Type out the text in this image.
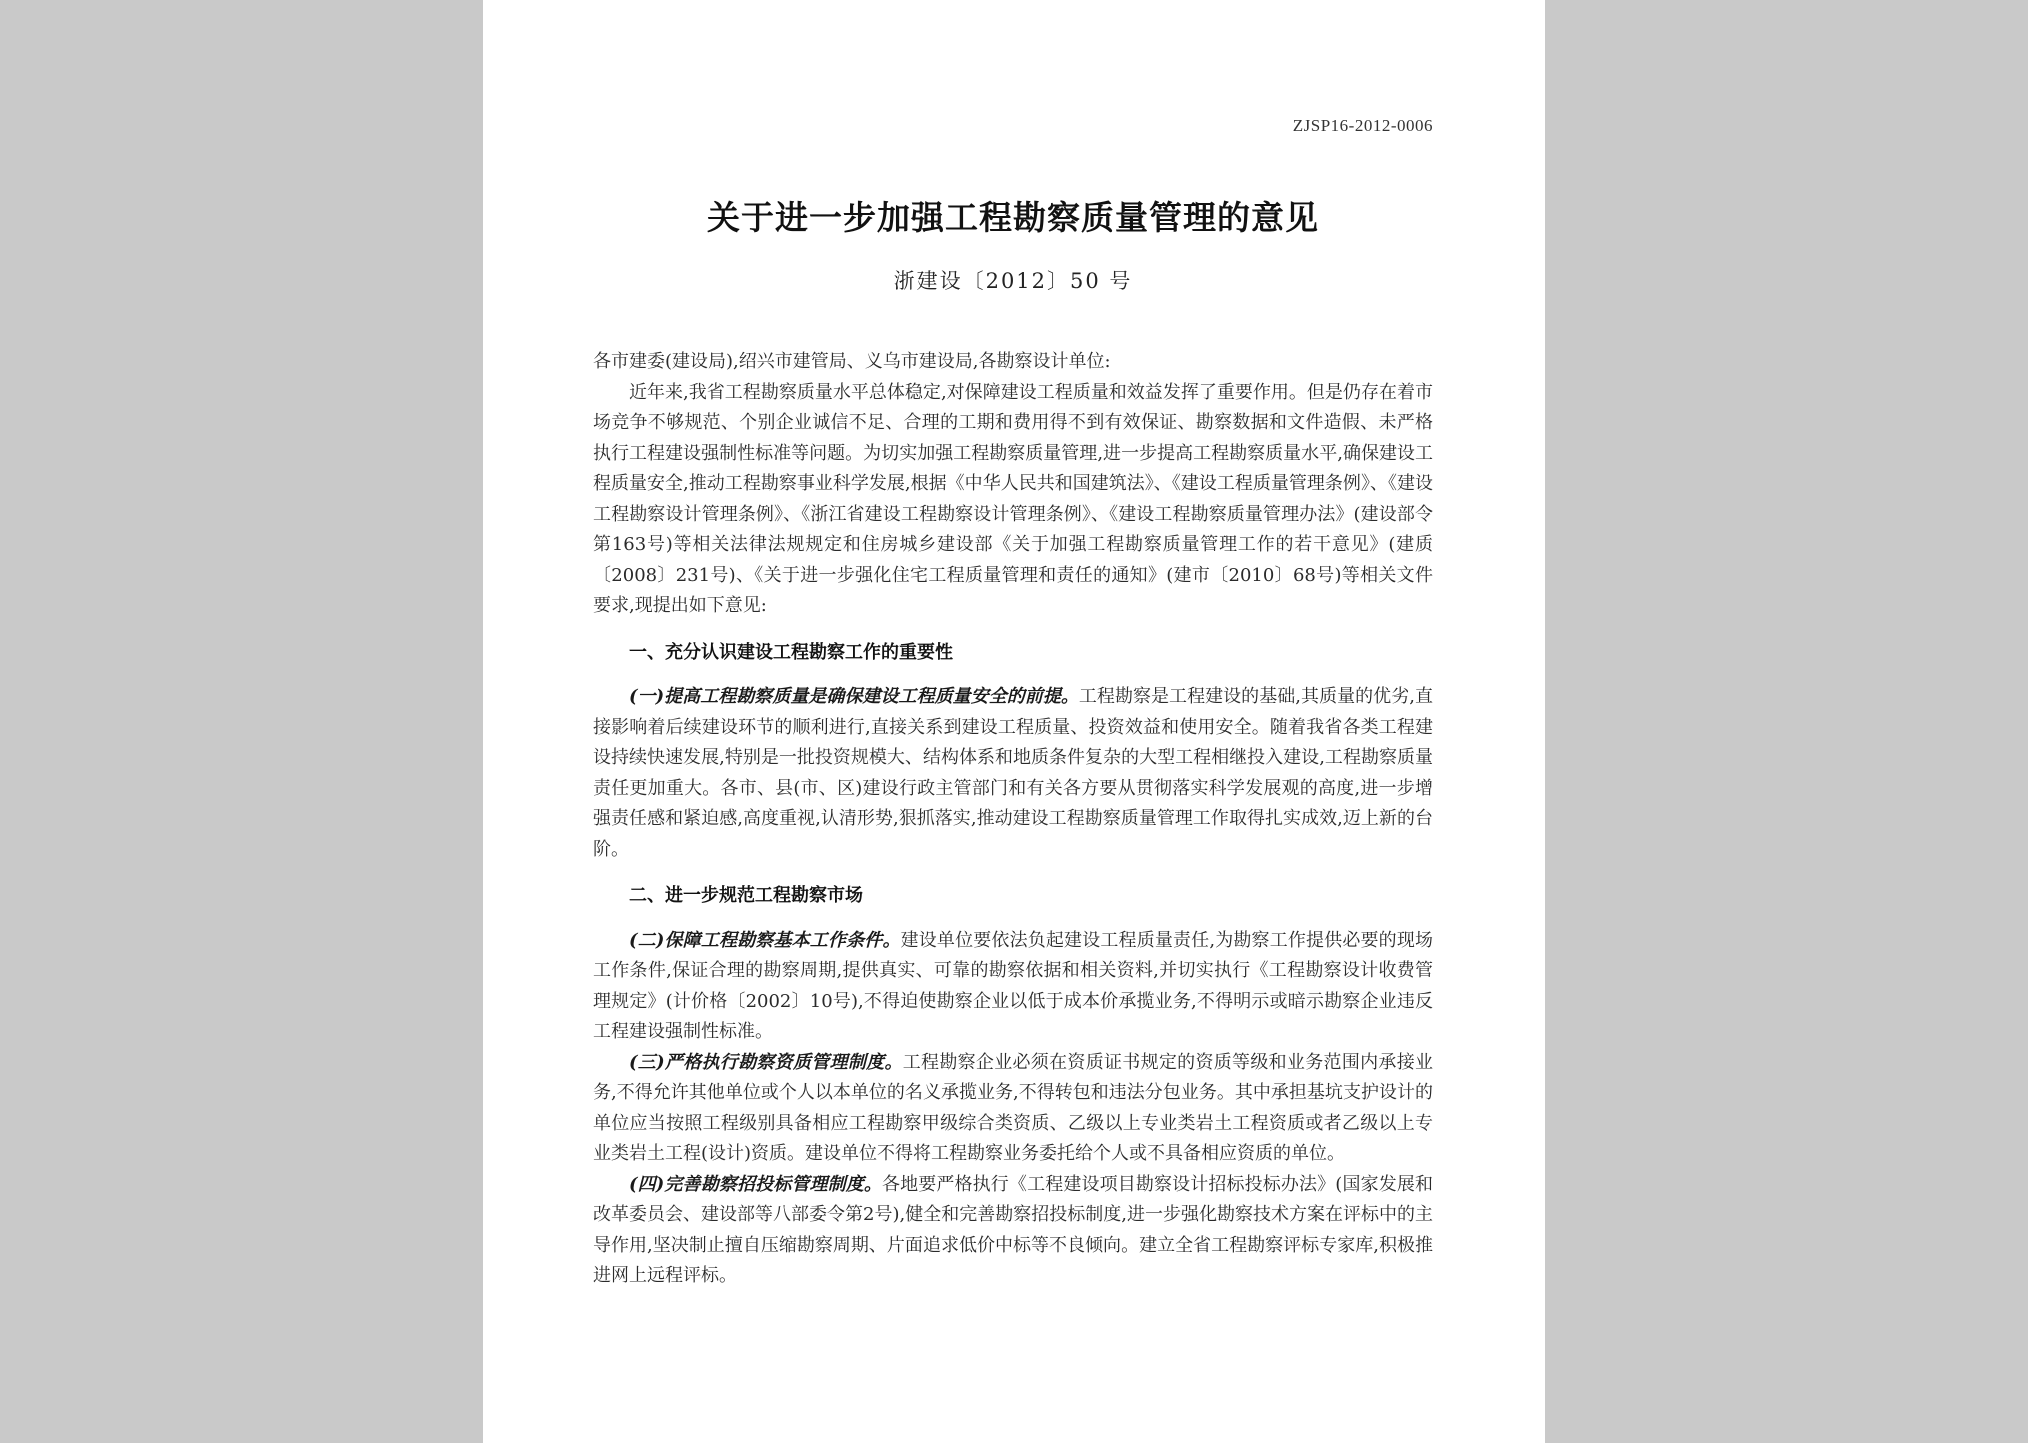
ZJSP16-2012-0006
关于进一步加强工程勘察质量管理的意见
浙建设〔2012〕50 号

各市建委(建设局),绍兴市建管局、义乌市建设局,各勘察设计单位:

近年来,我省工程勘察质量水平总体稳定,对保障建设工程质量和效益发挥了重要作用。但是仍存在着市场竞争不够规范、个别企业诚信不足、合理的工期和费用得不到有效保证、勘察数据和文件造假、未严格执行工程建设强制性标准等问题。为切实加强工程勘察质量管理,进一步提高工程勘察质量水平,确保建设工程质量安全,推动工程勘察事业科学发展,根据《中华人民共和国建筑法》、《建设工程质量管理条例》、《建设工程勘察设计管理条例》、《浙江省建设工程勘察设计管理条例》、《建设工程勘察质量管理办法》(建设部令第163号)等相关法律法规规定和住房城乡建设部《关于加强工程勘察质量管理工作的若干意见》(建质〔2008〕231号)、《关于进一步强化住宅工程质量管理和责任的通知》(建市〔2010〕68号)等相关文件要求,现提出如下意见:

一、充分认识建设工程勘察工作的重要性

(一)提高工程勘察质量是确保建设工程质量安全的前提。工程勘察是工程建设的基础,其质量的优劣,直接影响着后续建设环节的顺利进行,直接关系到建设工程质量、投资效益和使用安全。随着我省各类工程建设持续快速发展,特别是一批投资规模大、结构体系和地质条件复杂的大型工程相继投入建设,工程勘察质量责任更加重大。各市、县(市、区)建设行政主管部门和有关各方要从贯彻落实科学发展观的高度,进一步增强责任感和紧迫感,高度重视,认清形势,狠抓落实,推动建设工程勘察质量管理工作取得扎实成效,迈上新的台阶。

二、进一步规范工程勘察市场

(二)保障工程勘察基本工作条件。建设单位要依法负起建设工程质量责任,为勘察工作提供必要的现场工作条件,保证合理的勘察周期,提供真实、可靠的勘察依据和相关资料,并切实执行《工程勘察设计收费管理规定》(计价格〔2002〕10号),不得迫使勘察企业以低于成本价承揽业务,不得明示或暗示勘察企业违反工程建设强制性标准。

(三)严格执行勘察资质管理制度。工程勘察企业必须在资质证书规定的资质等级和业务范围内承接业务,不得允许其他单位或个人以本单位的名义承揽业务,不得转包和违法分包业务。其中承担基坑支护设计的单位应当按照工程级别具备相应工程勘察甲级综合类资质、乙级以上专业类岩土工程资质或者乙级以上专业类岩土工程(设计)资质。建设单位不得将工程勘察业务委托给个人或不具备相应资质的单位。

(四)完善勘察招投标管理制度。各地要严格执行《工程建设项目勘察设计招标投标办法》(国家发展和改革委员会、建设部等八部委令第2号),健全和完善勘察招投标制度,进一步强化勘察技术方案在评标中的主导作用,坚决制止擅自压缩勘察周期、片面追求低价中标等不良倾向。建立全省工程勘察评标专家库,积极推进网上远程评标。
